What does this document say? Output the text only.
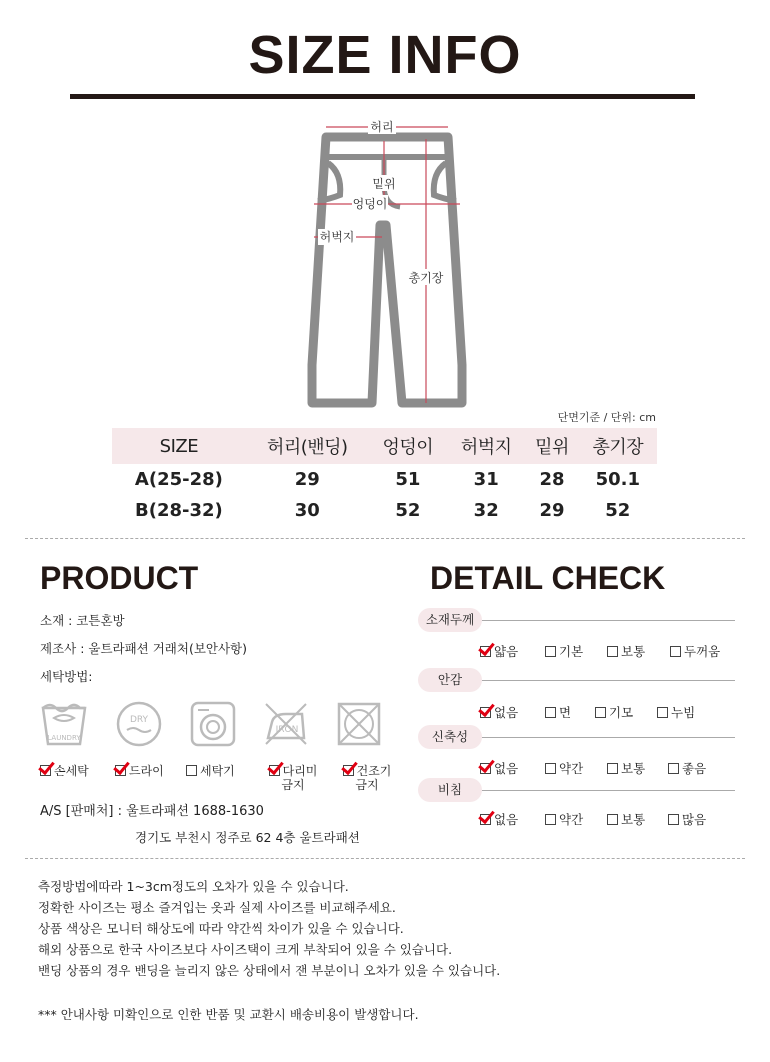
SIZE INFO
허리
밑위
엉덩이
허벅지
총기장
단면기준 / 단위: cm
SIZE	허리(밴딩)	엉덩이	허벅지	밑위	총기장
A(25-28)	29	51	31	28	50.1
B(28-32)	30	52	32	29	52
PRODUCT
소재 : 코튼혼방
제조사 : 울트라패션 거래처(보안사항)
세탁방법:
LAUNDRY
DRY
IRON
손세탁	드라이	세탁기	다리미
금지
건조기
금지
A/S [판매처] : 울트라패션 1688-1630
경기도 부천시 정주로 62 4층 울트라패션
DETAIL CHECK
소재두께
얇음	기본	보통	두꺼움
안감
없음	면	기모	누빔
신축성
없음	약간	보통	좋음
비침
없음	약간	보통	많음
측정방법에따라 1~3cm정도의 오차가 있을 수 있습니다.
정확한 사이즈는 평소 즐겨입는 옷과 실제 사이즈를 비교해주세요.
상품 색상은 모니터 해상도에 따라 약간씩 차이가 있을 수 있습니다.
해외 상품으로 한국 사이즈보다 사이즈택이 크게 부착되어 있을 수 있습니다.
밴딩 상품의 경우 밴딩을 늘리지 않은 상태에서 잰 부분이니 오차가 있을 수 있습니다.
*** 안내사항 미확인으로 인한 반품 및 교환시 배송비용이 발생합니다.
